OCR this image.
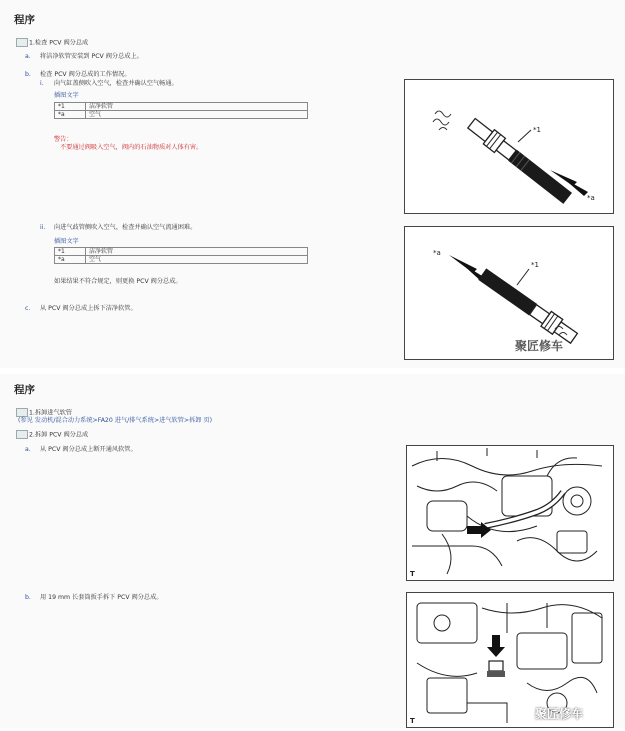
程序
1.检查 PCV 阀分总成
a. 将洁净软管安装到 PCV 阀分总成上。
b. 检查 PCV 阀分总成的工作情况。
i. 向气缸盖侧吹入空气，检查并确认空气畅通。
插图文字
*1	洁净软管
*a	空气
警告：
不要通过阀吸入空气，阀内的石油物质对人体有害。
ii. 向进气歧管侧吹入空气，检查并确认空气流通困难。
插图文字
*1	洁净软管
*a	空气
如果结果不符合规定，则更换 PCV 阀分总成。
c. 从 PCV 阀分总成上拆下洁净软管。
*1
*a
*a
*1
聚匠修车
程序
1.拆卸进气软管
(参见 发动机/混合动力系统>FA20 进气/排气系统>进气软管>拆卸 页)
2.拆卸 PCV 阀分总成
a. 从 PCV 阀分总成上断开通风软管。
b. 用 19 mm 长套筒扳手拆下 PCV 阀分总成。
T
T	聚匠修车
